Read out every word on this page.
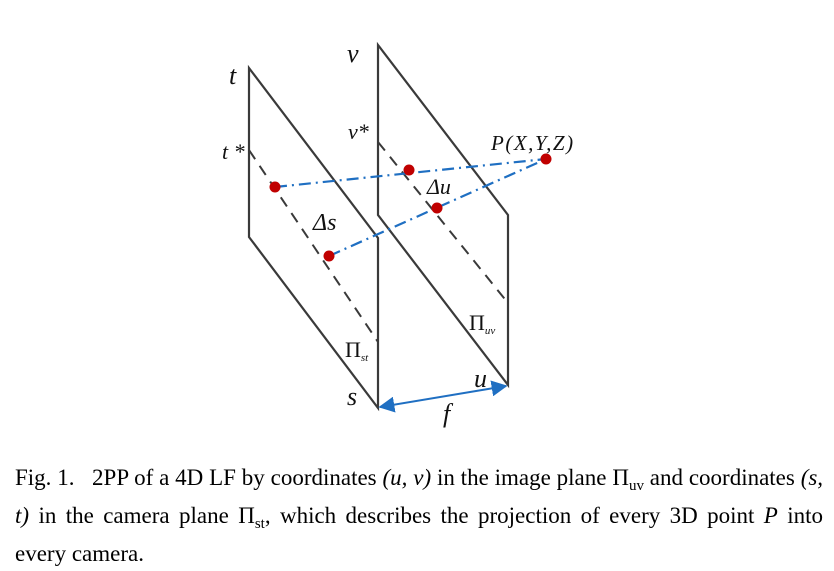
v
v*
t
t *
s
u
f
P(X,Y,Z)
Δu
Δs
Πuv
Πst
Fig. 1. 2PP of a 4D LF by coordinates (u, v) in the image plane $\Pi_{uv}$ and coordinates (s, t) in the camera plane $\Pi_{st}$, which describes the projection of every 3D point P into every camera.
